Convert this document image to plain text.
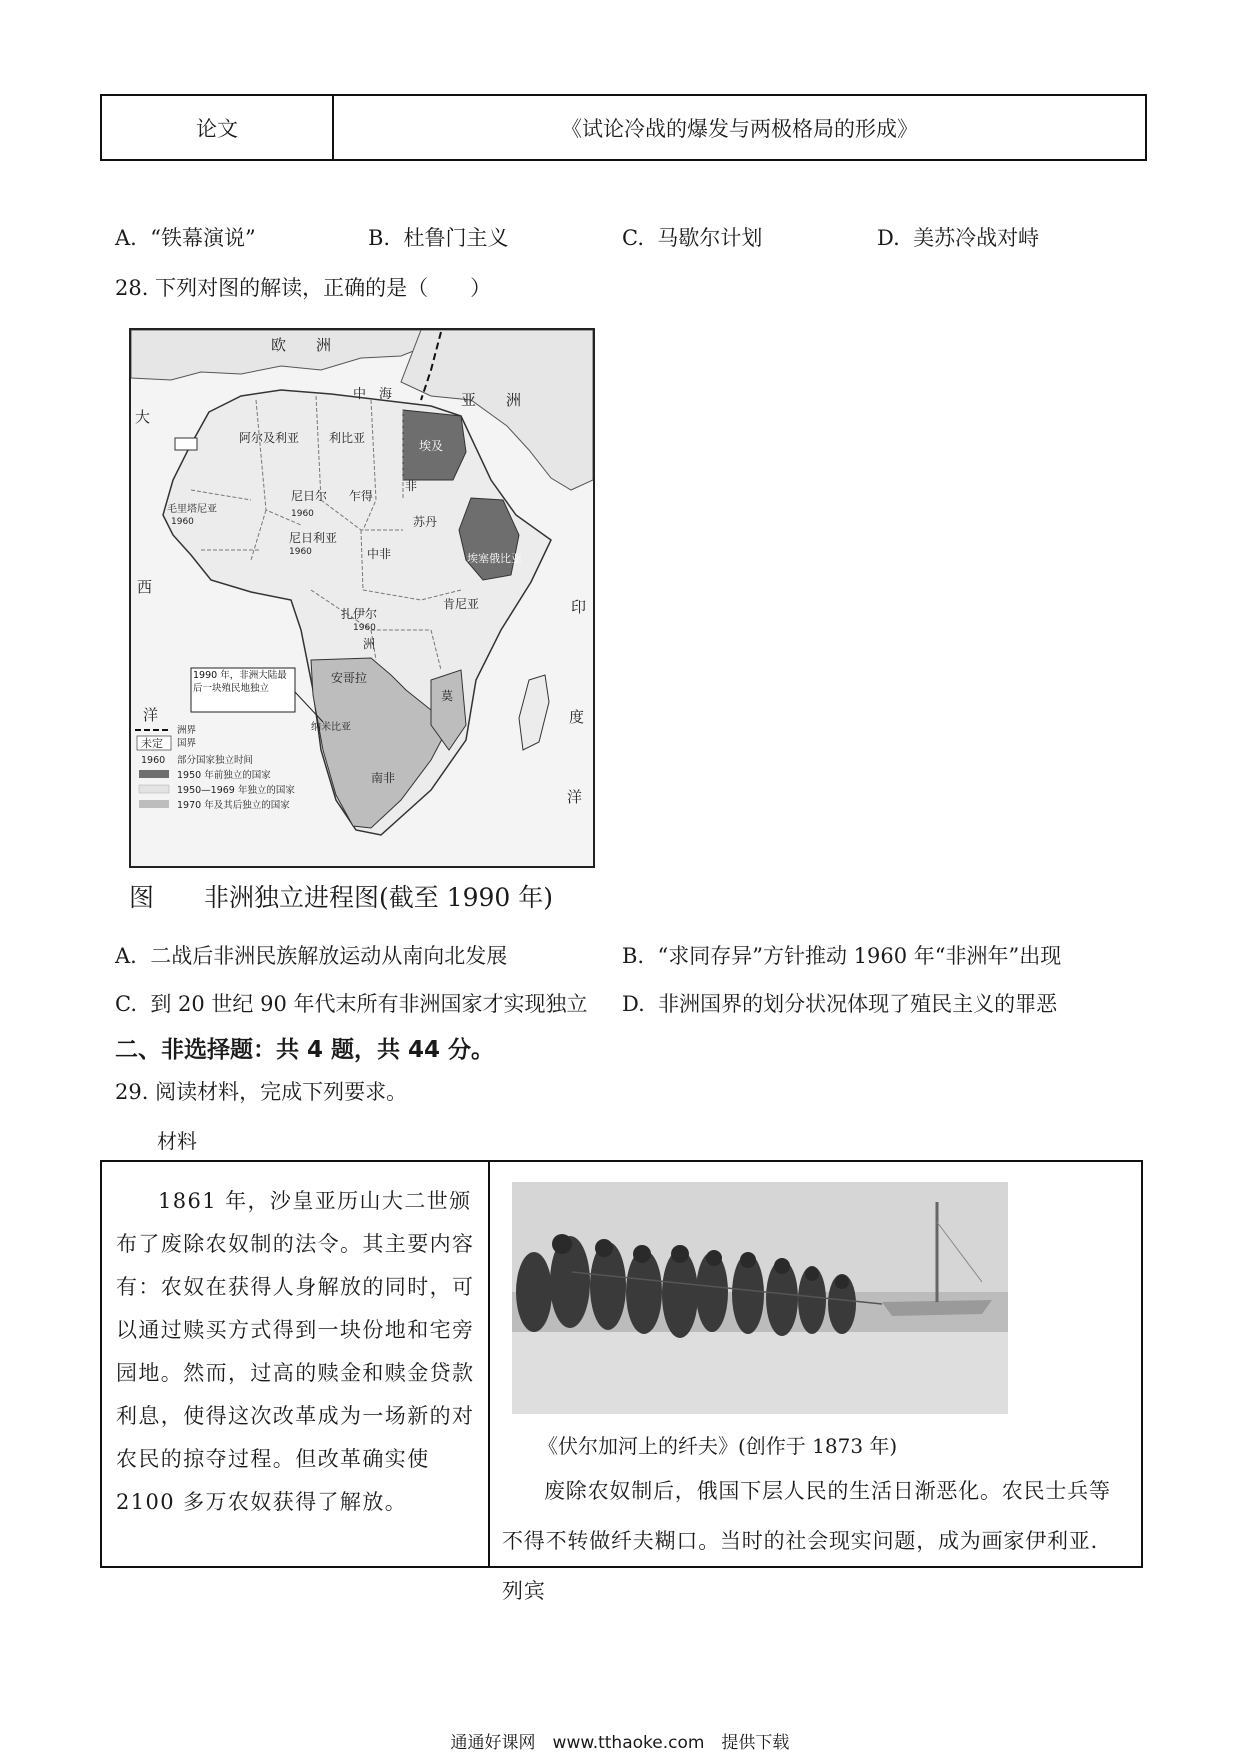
论文	《试论冷战的爆发与两极格局的形成》
A. “铁幕演说”	B. 杜鲁门主义	C. 马歇尔计划	D. 美苏冷战对峙
28. 下列对图的解读，正确的是（　　）
欧　　洲
亚　　洲
中　海
大
西
洋
印
度
洋
阿尔及利亚 利比亚
埃及
非
苏丹
埃塞俄比亚
尼日尔 乍得
尼日利亚
中非
扎伊尔
洲
肯尼亚
安哥拉
纳米比亚
南非
莫
毛里塔尼亚
1960
1960
1960
1960
1990 年，非洲大陆最后一块殖民地独立
洲界
未定 国界
1960 部分国家独立时间
1950 年前独立的国家
1950—1969 年独立的国家
1970 年及其后独立的国家
图　　非洲独立进程图(截至 1990 年)
A. 二战后非洲民族解放运动从南向北发展	B. “求同存异”方针推动 1960 年“非洲年”出现
C. 到 20 世纪 90 年代末所有非洲国家才实现独立 D. 非洲国界的划分状况体现了殖民主义的罪恶
二、非选择题：共 4 题，共 44 分。
29. 阅读材料，完成下列要求。
材料

1861 年，沙皇亚历山大二世颁布了废除农奴制的法令。其主要内容有：农奴在获得人身解放的同时，可以通过赎买方式得到一块份地和宅旁园地。然而，过高的赎金和赎金贷款利息，使得这次改革成为一场新的对农民的掠夺过程。但改革确实使 2100 多万农奴获得了解放。

《伏尔加河上的纤夫》(创作于 1873 年)

废除农奴制后，俄国下层人民的生活日渐恶化。农民士兵等不得不转做纤夫糊口。当时的社会现实问题，成为画家伊利亚．列宾

通通好课网　www.tthaoke.com　提供下载
